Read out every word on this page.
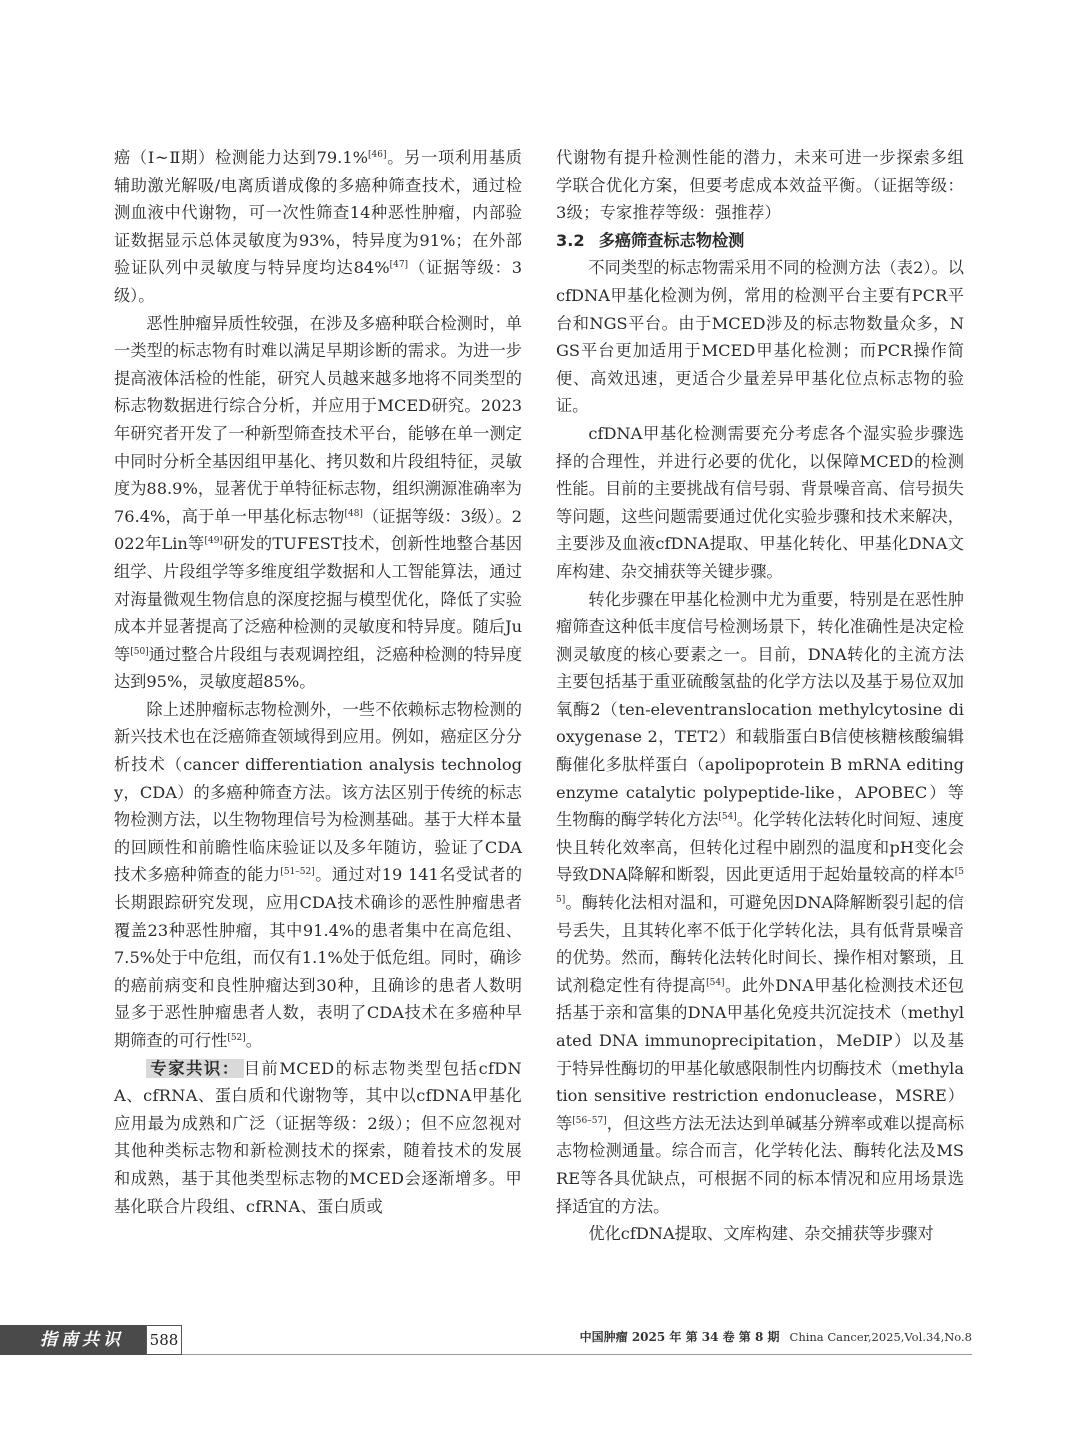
癌（Ⅰ~Ⅱ期）检测能力达到79.1%[46]。另一项利用基质辅助激光解吸/电离质谱成像的多癌种筛查技术，通过检测血液中代谢物，可一次性筛查14种恶性肿瘤，内部验证数据显示总体灵敏度为93%，特异度为91%；在外部验证队列中灵敏度与特异度均达84%[47]（证据等级：3级）。

恶性肿瘤异质性较强，在涉及多癌种联合检测时，单一类型的标志物有时难以满足早期诊断的需求。为进一步提高液体活检的性能，研究人员越来越多地将不同类型的标志物数据进行综合分析，并应用于MCED研究。2023年研究者开发了一种新型筛查技术平台，能够在单一测定中同时分析全基因组甲基化、拷贝数和片段组特征，灵敏度为88.9%，显著优于单特征标志物，组织溯源准确率为76.4%，高于单一甲基化标志物[48]（证据等级：3级）。2022年Lin等[49]研发的TUFEST技术，创新性地整合基因组学、片段组学等多维度组学数据和人工智能算法，通过对海量微观生物信息的深度挖掘与模型优化，降低了实验成本并显著提高了泛癌种检测的灵敏度和特异度。随后Ju等[50]通过整合片段组与表观调控组，泛癌种检测的特异度达到95%，灵敏度超85%。

除上述肿瘤标志物检测外，一些不依赖标志物检测的新兴技术也在泛癌筛查领域得到应用。例如，癌症区分分析技术（cancer differentiation analysis technology，CDA）的多癌种筛查方法。该方法区别于传统的标志物检测方法，以生物物理信号为检测基础。基于大样本量的回顾性和前瞻性临床验证以及多年随访，验证了CDA技术多癌种筛查的能力[51–52]。通过对19 141名受试者的长期跟踪研究发现，应用CDA技术确诊的恶性肿瘤患者覆盖23种恶性肿瘤，其中91.4%的患者集中在高危组、7.5%处于中危组，而仅有1.1%处于低危组。同时，确诊的癌前病变和良性肿瘤达到30种，且确诊的患者人数明显多于恶性肿瘤患者人数，表明了CDA技术在多癌种早期筛查的可行性[52]。

专家共识： 目前MCED的标志物类型包括cfDNA、cfRNA、蛋白质和代谢物等，其中以cfDNA甲基化应用最为成熟和广泛（证据等级：2级）；但不应忽视对其他种类标志物和新检测技术的探索，随着技术的发展和成熟，基于其他类型标志物的MCED会逐渐增多。甲基化联合片段组、cfRNA、蛋白质或

代谢物有提升检测性能的潜力，未来可进一步探索多组学联合优化方案，但要考虑成本效益平衡。（证据等级：3级；专家推荐等级：强推荐）

3.2 多癌筛查标志物检测

不同类型的标志物需采用不同的检测方法（表2）。以cfDNA甲基化检测为例，常用的检测平台主要有PCR平台和NGS平台。由于MCED涉及的标志物数量众多，NGS平台更加适用于MCED甲基化检测；而PCR操作简便、高效迅速，更适合少量差异甲基化位点标志物的验证。

cfDNA甲基化检测需要充分考虑各个湿实验步骤选择的合理性，并进行必要的优化，以保障MCED的检测性能。目前的主要挑战有信号弱、背景噪音高、信号损失等问题，这些问题需要通过优化实验步骤和技术来解决，主要涉及血液cfDNA提取、甲基化转化、甲基化DNA文库构建、杂交捕获等关键步骤。

转化步骤在甲基化检测中尤为重要，特别是在恶性肿瘤筛查这种低丰度信号检测场景下，转化准确性是决定检测灵敏度的核心要素之一。目前，DNA转化的主流方法主要包括基于重亚硫酸氢盐的化学方法以及基于易位双加氧酶2（ten-eleventranslocation methylcytosine dioxygenase 2，TET2）和载脂蛋白B信使核糖核酸编辑酶催化多肽样蛋白（apolipoprotein B mRNA editing enzyme catalytic polypeptide-like，APOBEC）等生物酶的酶学转化方法[54]。化学转化法转化时间短、速度快且转化效率高，但转化过程中剧烈的温度和pH变化会导致DNA降解和断裂，因此更适用于起始量较高的样本[55]。酶转化法相对温和，可避免因DNA降解断裂引起的信号丢失，且其转化率不低于化学转化法，具有低背景噪音的优势。然而，酶转化法转化时间长、操作相对繁琐，且试剂稳定性有待提高[54]。此外DNA甲基化检测技术还包括基于亲和富集的DNA甲基化免疫共沉淀技术（methylated DNA immunoprecipitation，MeDIP）以及基于特异性酶切的甲基化敏感限制性内切酶技术（methylation sensitive restriction endonuclease，MSRE）等[56–57]，但这些方法无法达到单碱基分辨率或难以提高标志物检测通量。综合而言，化学转化法、酶转化法及MSRE等各具优缺点，可根据不同的标本情况和应用场景选择适宜的方法。

优化cfDNA提取、文库构建、杂交捕获等步骤对

指南共识	588	中国肿瘤 2025 年 第 34 卷 第 8 期 China Cancer,2025,Vol.34,No.8
